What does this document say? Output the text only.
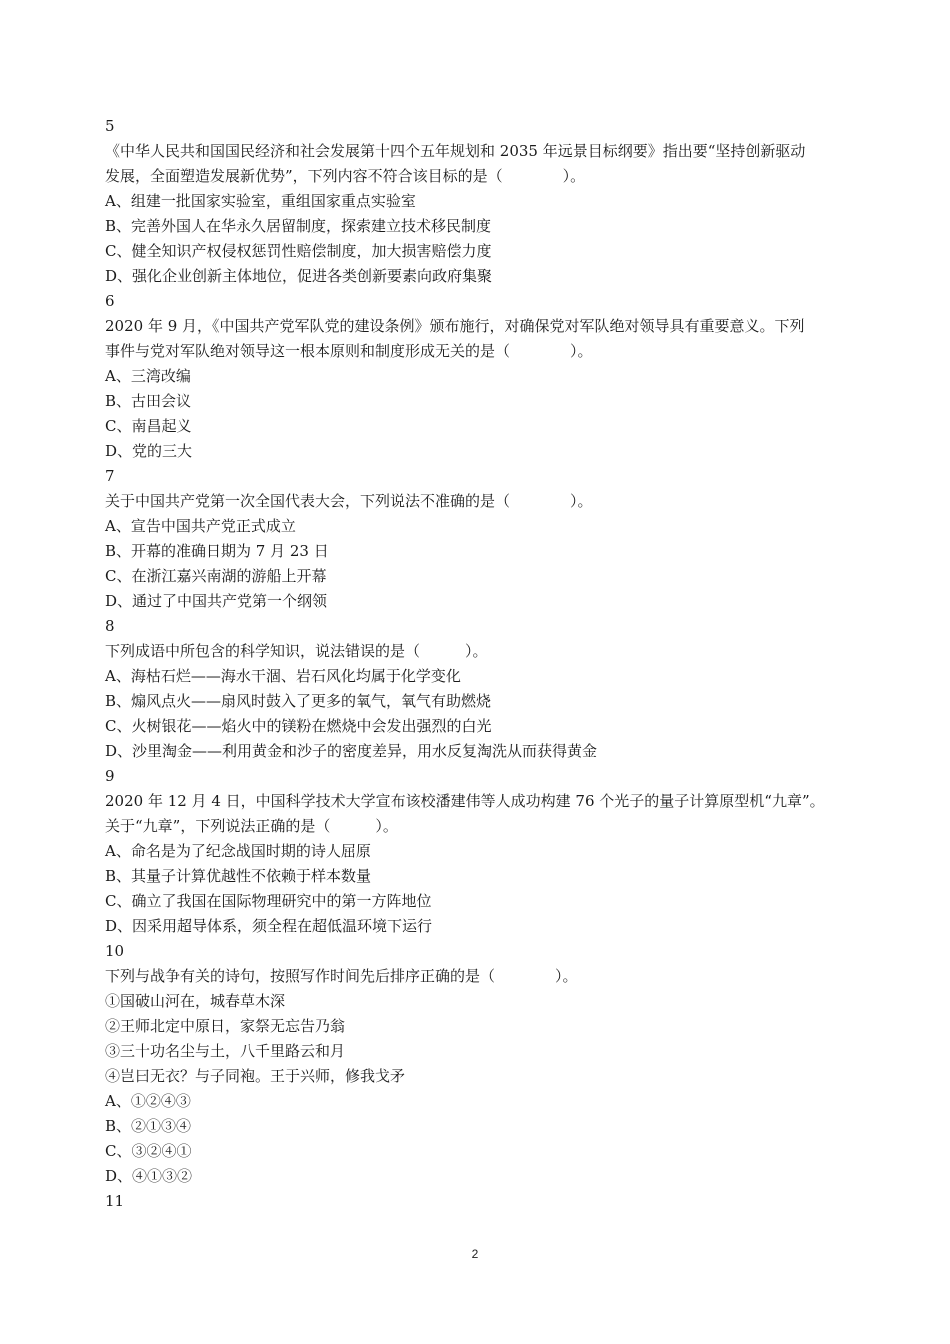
5
《中华人民共和国国民经济和社会发展第十四个五年规划和 2035 年远景目标纲要》指出要“坚持创新驱动
发展，全面塑造发展新优势”，下列内容不符合该目标的是（　　　　）。
A、组建一批国家实验室，重组国家重点实验室
B、完善外国人在华永久居留制度，探索建立技术移民制度
C、健全知识产权侵权惩罚性赔偿制度，加大损害赔偿力度
D、强化企业创新主体地位，促进各类创新要素向政府集聚
6
2020 年 9 月，《中国共产党军队党的建设条例》颁布施行，对确保党对军队绝对领导具有重要意义。下列
事件与党对军队绝对领导这一根本原则和制度形成无关的是（　　　　）。
A、三湾改编
B、古田会议
C、南昌起义
D、党的三大
7
关于中国共产党第一次全国代表大会，下列说法不准确的是（　　　　）。
A、宣告中国共产党正式成立
B、开幕的准确日期为 7 月 23 日
C、在浙江嘉兴南湖的游船上开幕
D、通过了中国共产党第一个纲领
8
下列成语中所包含的科学知识，说法错误的是（　　　）。
A、海枯石烂——海水干涸、岩石风化均属于化学变化
B、煽风点火——扇风时鼓入了更多的氧气，氧气有助燃烧
C、火树银花——焰火中的镁粉在燃烧中会发出强烈的白光
D、沙里淘金——利用黄金和沙子的密度差异，用水反复淘洗从而获得黄金
9
2020 年 12 月 4 日，中国科学技术大学宣布该校潘建伟等人成功构建 76 个光子的量子计算原型机“九章”。
关于“九章”，下列说法正确的是（　　　）。
A、命名是为了纪念战国时期的诗人屈原
B、其量子计算优越性不依赖于样本数量
C、确立了我国在国际物理研究中的第一方阵地位
D、因采用超导体系，须全程在超低温环境下运行
10
下列与战争有关的诗句，按照写作时间先后排序正确的是（　　　　）。
①国破山河在，城春草木深
②王师北定中原日，家祭无忘告乃翁
③三十功名尘与土，八千里路云和月
④岂曰无衣？与子同袍。王于兴师，修我戈矛
A、①②④③
B、②①③④
C、③②④①
D、④①③②
11
2
